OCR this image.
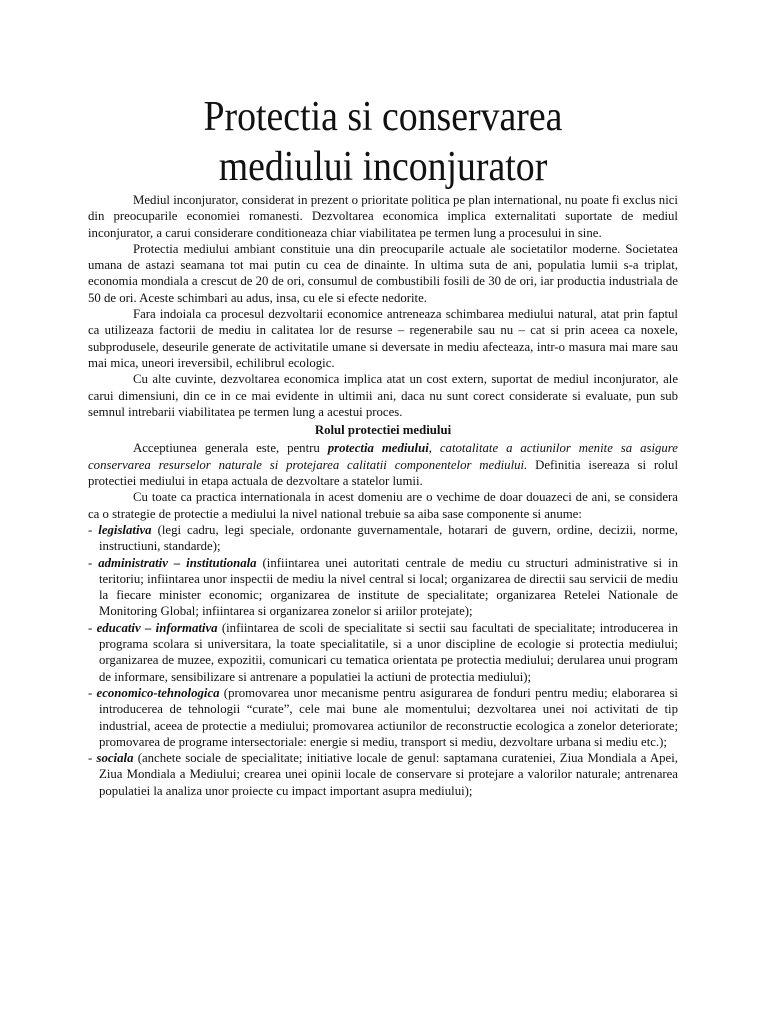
Protectia si conservarea
mediului inconjurator

Mediul inconjurator, considerat in prezent o prioritate politica pe plan international, nu poate fi exclus nici din preocuparile economiei romanesti. Dezvoltarea economica implica externalitati suportate de mediul inconjurator, a carui considerare conditioneaza chiar viabilitatea pe termen lung a procesului in sine.

Protectia mediului ambiant constituie una din preocuparile actuale ale societatilor moderne. Societatea umana de astazi seamana tot mai putin cu cea de dinainte. In ultima suta de ani, populatia lumii s-a triplat, economia mondiala a crescut de 20 de ori, consumul de combustibili fosili de 30 de ori, iar productia industriala de 50 de ori. Aceste schimbari au adus, insa, cu ele si efecte nedorite.

Fara indoiala ca procesul dezvoltarii economice antreneaza schimbarea mediului natural, atat prin faptul ca utilizeaza factorii de mediu in calitatea lor de resurse – regenerabile sau nu – cat si prin aceea ca noxele, subprodusele, deseurile generate de activitatile umane si deversate in mediu afecteaza, intr-o masura mai mare sau mai mica, uneori ireversibil, echilibrul ecologic.

Cu alte cuvinte, dezvoltarea economica implica atat un cost extern, suportat de mediul inconjurator, ale carui dimensiuni, din ce in ce mai evidente in ultimii ani, daca nu sunt corect considerate si evaluate, pun sub semnul intrebarii viabilitatea pe termen lung a acestui proces.

Rolul protectiei mediului

Acceptiunea generala este, pentru protectia mediului, catotalitate a actiunilor menite sa asigure conservarea resurselor naturale si protejarea calitatii componentelor mediului. Definitia isereaza si rolul protectiei mediului in etapa actuala de dezvoltare a statelor lumii.

Cu toate ca practica internationala in acest domeniu are o vechime de doar douazeci de ani, se considera ca o strategie de protectie a mediului la nivel national trebuie sa aiba sase componente si anume:

- legislativa (legi cadru, legi speciale, ordonante guvernamentale, hotarari de guvern, ordine, decizii, norme, instructiuni, standarde);
- administrativ – institutionala (infiintarea unei autoritati centrale de mediu cu structuri administrative si in teritoriu; infiintarea unor inspectii de mediu la nivel central si local; organizarea de directii sau servicii de mediu la fiecare minister economic; organizarea de institute de specialitate; organizarea Retelei Nationale de Monitoring Global; infiintarea si organizarea zonelor si ariilor protejate);
- educativ – informativa (infiintarea de scoli de specialitate si sectii sau facultati de specialitate; introducerea in programa scolara si universitara, la toate specialitatile, si a unor discipline de ecologie si protectia mediului; organizarea de muzee, expozitii, comunicari cu tematica orientata pe protectia mediului; derularea unui program de informare, sensibilizare si antrenare a populatiei la actiuni de protectia mediului);
- economico-tehnologica (promovarea unor mecanisme pentru asigurarea de fonduri pentru mediu; elaborarea si introducerea de tehnologii “curate”, cele mai bune ale momentului; dezvoltarea unei noi activitati de tip industrial, aceea de protectie a mediului; promovarea actiunilor de reconstructie ecologica a zonelor deteriorate; promovarea de programe intersectoriale: energie si mediu, transport si mediu, dezvoltare urbana si mediu etc.);
- sociala (anchete sociale de specialitate; initiative locale de genul: saptamana curateniei, Ziua Mondiala a Apei, Ziua Mondiala a Mediului; crearea unei opinii locale de conservare si protejare a valorilor naturale; antrenarea populatiei la analiza unor proiecte cu impact important asupra mediului);
